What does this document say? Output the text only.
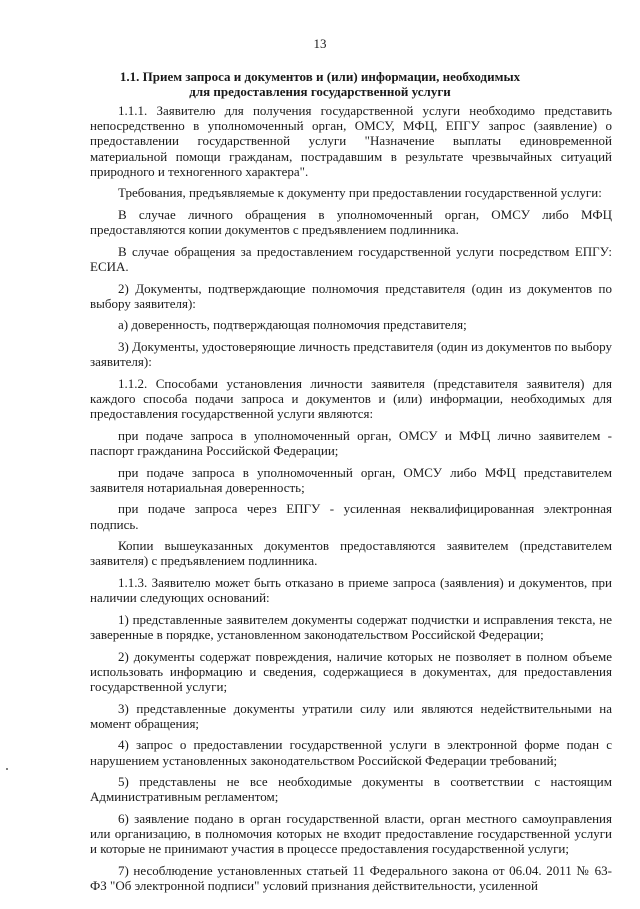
13
1.1. Прием запроса и документов и (или) информации, необходимых для предоставления государственной услуги

1.1.1. Заявителю для получения государственной услуги необходимо представить непосредственно в уполномоченный орган, ОМСУ, МФЦ, ЕПГУ запрос (заявление) о предоставлении государственной услуги "Назначение выплаты единовременной материальной помощи гражданам, пострадавшим в результате чрезвычайных ситуаций природного и техногенного характера".

Требования, предъявляемые к документу при предоставлении государственной услуги:

В случае личного обращения в уполномоченный орган, ОМСУ либо МФЦ предоставляются копии документов с предъявлением подлинника.

В случае обращения за предоставлением государственной услуги посредством ЕПГУ: ЕСИА.

2) Документы, подтверждающие полномочия представителя (один из документов по выбору заявителя):

а) доверенность, подтверждающая полномочия представителя;

3) Документы, удостоверяющие личность представителя (один из документов по выбору заявителя):

1.1.2. Способами установления личности заявителя (представителя заявителя) для каждого способа подачи запроса и документов и (или) информации, необходимых для предоставления государственной услуги являются:

при подаче запроса в уполномоченный орган, ОМСУ и МФЦ лично заявителем - паспорт гражданина Российской Федерации;

при подаче запроса в уполномоченный орган, ОМСУ либо МФЦ представителем заявителя нотариальная доверенность;

при подаче запроса через ЕПГУ - усиленная неквалифицированная электронная подпись.

Копии вышеуказанных документов предоставляются заявителем (представителем заявителя) с предъявлением подлинника.

1.1.3. Заявителю может быть отказано в приеме запроса (заявления) и документов, при наличии следующих оснований:

1) представленные заявителем документы содержат подчистки и исправления текста, не заверенные в порядке, установленном законодательством Российской Федерации;

2) документы содержат повреждения, наличие которых не позволяет в полном объеме использовать информацию и сведения, содержащиеся в документах, для предоставления государственной услуги;

3) представленные документы утратили силу или являются недействительными на момент обращения;

4) запрос о предоставлении государственной услуги в электронной форме подан с нарушением установленных законодательством Российской Федерации требований;

5) представлены не все необходимые документы в соответствии с настоящим Административным регламентом;

6) заявление подано в орган государственной власти, орган местного самоуправления или организацию, в полномочия которых не входит предоставление государственной услуги и которые не принимают участия в процессе предоставления государственной услуги;

7) несоблюдение установленных статьей 11 Федерального закона от 06.04. 2011 № 63-ФЗ "Об электронной подписи" условий признания действительности, усиленной
